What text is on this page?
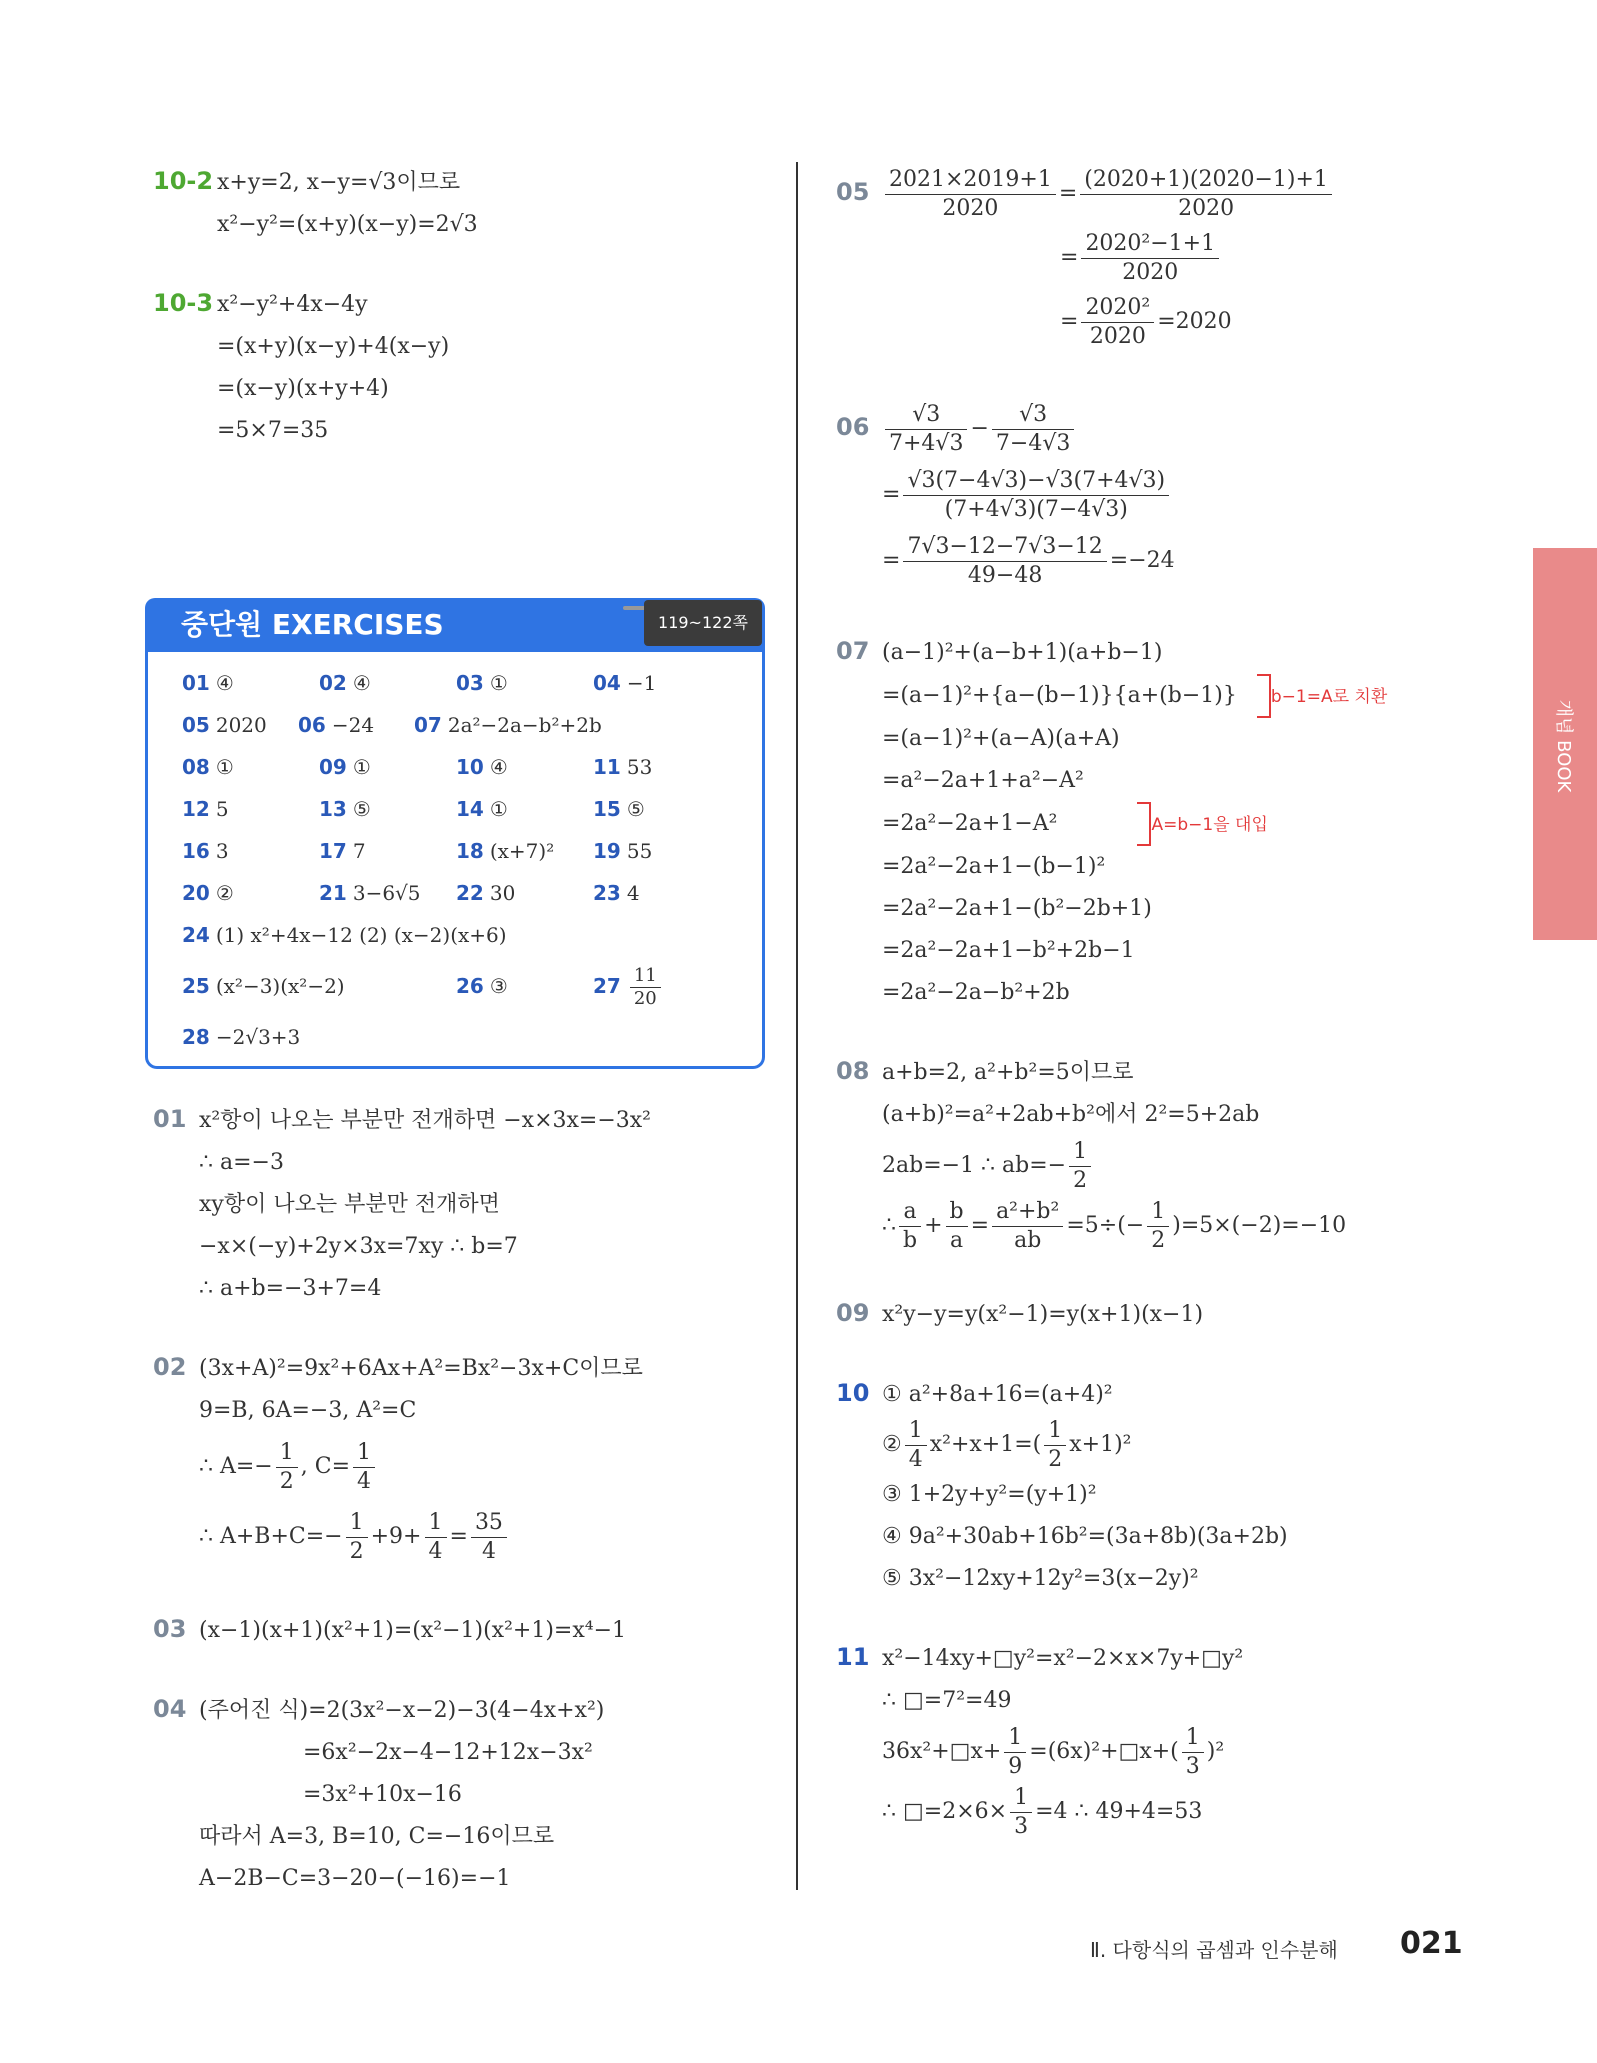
10-2 x+y=2, x−y=√3이므로
x²−y²=(x+y)(x−y)=2√3
10-3 x²−y²+4x−4y
=(x+y)(x−y)+4(x−y)
=(x−y)(x+y+4)
=5×7=35
중단원 EXERCISES	119~122쪽
01 ④	02 ④	03 ①	04 −1
05 2020	06 −24	07 2a²−2a−b²+2b
08 ①	09 ①	10 ④	11 53
12 5	13 ⑤	14 ①	15 ⑤
16 3	17 7	18 (x+7)²	19 55
20 ②	21 3−6√5	22 30	23 4
24 (1) x²+4x−12 (2) (x−2)(x+6)
25 (x²−3)(x²−2)	26 ③	$27 \frac{11}{20}$
28 −2√3+3
01 x²항이 나오는 부분만 전개하면 −x×3x=−3x²
∴ a=−3
xy항이 나오는 부분만 전개하면
−x×(−y)+2y×3x=7xy ∴ b=7
∴ a+b=−3+7=4
02 (3x+A)²=9x²+6Ax+A²=Bx²−3x+C이므로
9=B, 6A=−3, A²=C
∴ $A=- \frac{1}{2}$ , $C= \frac{1}{4}$
∴ $A+B+C=- \frac{1}{2} +9+ \frac{1}{4} = \frac{35}{4}$
03 (x−1)(x+1)(x²+1)=(x²−1)(x²+1)=x⁴−1
04 (주어진 식)=2(3x²−x−2)−3(4−4x+x²)
=6x²−2x−4−12+12x−3x²
=3x²+10x−16
따라서 A=3, B=10, C=−16이므로
A−2B−C=3−20−(−16)=−1
$05 \frac{2021\times 2019+1}{2020} = \frac{(2020+1)(2020-1)+1}{2020}$
= $\frac{\text{2020²−1+1}}{2020}$
= $\frac{\text{2020²}}{2020} =2020$
$06 \frac{√3}{7+4√3} - \frac{√3}{7-4√3}$
= $\frac{√3(7-4√3)-√3(7+4√3)}{(7+4√3)(7-4√3)}$
= $\frac{7√3-12-7√3-12}{49-48} =-24$
07 (a−1)²+(a−b+1)(a+b−1)
=(a−1)²+{a−(b−1)}{a+(b−1)} b−1=A로 치환
=(a−1)²+(a−A)(a+A)
=a²−2a+1+a²−A²
=2a²−2a+1−A²	A=b−1을 대입
=2a²−2a+1−(b−1)²
=2a²−2a+1−(b²−2b+1)
=2a²−2a+1−b²+2b−1
=2a²−2a−b²+2b
08 a+b=2, a²+b²=5이므로
(a+b)²=a²+2ab+b²에서 2²=5+2ab
2ab=−1 ∴ $ab=- \frac{1}{2}$
∴ $\frac{a}{b} + \frac{b}{a} = \frac{\text{a²+b²}}{ab} =5\div(- \frac{1}{2} )=5\times(-2)=-10$
09 x²y−y=y(x²−1)=y(x+1)(x−1)
10 ① a²+8a+16=(a+4)²
② $\frac{1}{4} x^2+x+1=( \frac{1}{2} x+1)^2$
③ 1+2y+y²=(y+1)²
④ 9a²+30ab+16b²=(3a+8b)(3a+2b)
⑤ 3x²−12xy+12y²=3(x−2y)²
11 x²−14xy+□y²=x²−2×x×7y+□y²
∴ □=7²=49
36x²+□x+ $\frac{1}{9}$ =(6x)²+□x+( $\frac{1}{3} )^2$
∴ □=2×6× $\frac{1}{3} =4$ ∴ 49+4=53
개념 BOOK
Ⅱ. 다항식의 곱셈과 인수분해 021
